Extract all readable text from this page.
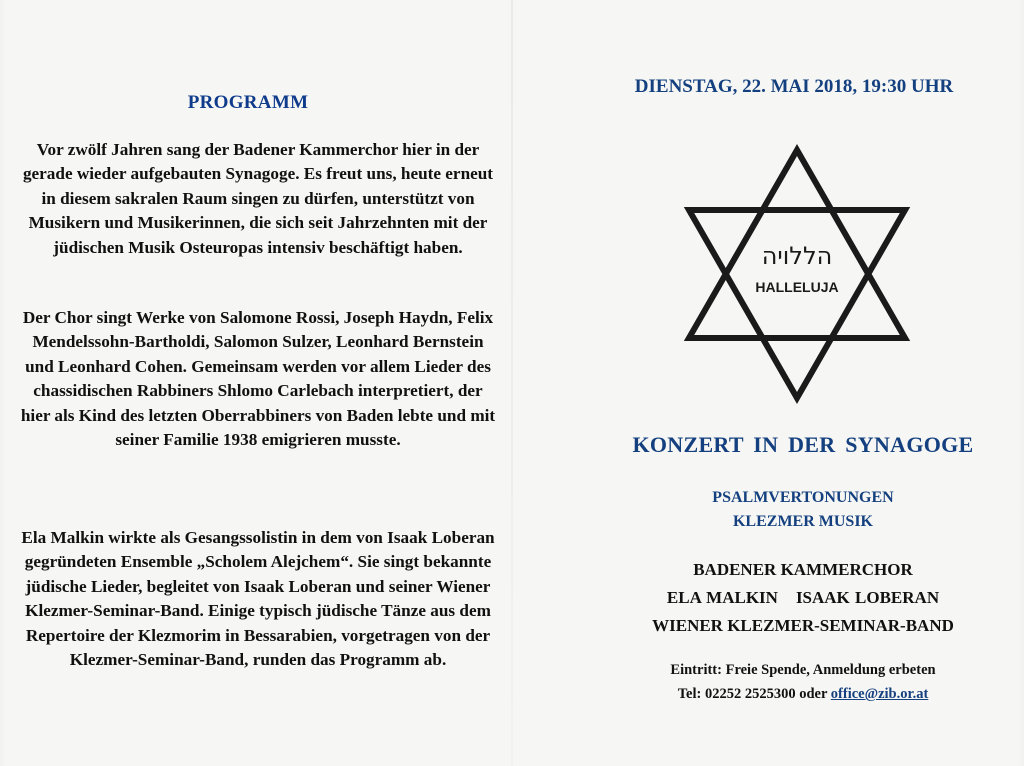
PROGRAMM
Vor zwölf Jahren sang der Badener Kammerchor hier in der gerade wieder aufgebauten Synagoge. Es freut uns, heute erneut in diesem sakralen Raum singen zu dürfen, unterstützt von Musikern und Musikerinnen, die sich seit Jahrzehnten mit der jüdischen Musik Osteuropas intensiv beschäftigt haben.
Der Chor singt Werke von Salomone Rossi, Joseph Haydn, Felix Mendelssohn-Bartholdi, Salomon Sulzer, Leonhard Bernstein und Leonhard Cohen. Gemeinsam werden vor allem Lieder des chassidischen Rabbiners Shlomo Carlebach interpretiert, der hier als Kind des letzten Oberrabbiners von Baden lebte und mit seiner Familie 1938 emigrieren musste.
Ela Malkin wirkte als Gesangssolistin in dem von Isaak Loberan gegründeten Ensemble „Scholem Alejchem“. Sie singt bekannte jüdische Lieder, begleitet von Isaak Loberan und seiner Wiener Klezmer-Seminar-Band. Einige typisch jüdische Tänze aus dem Repertoire der Klezmorim in Bessarabien, vorgetragen von der Klezmer-Seminar-Band, runden das Programm ab.
DIENSTAG, 22. MAI 2018, 19:30 UHR
הללויה
HALLELUJA
KONZERT IN DER SYNAGOGE
PSALMVERTONUNGEN
KLEZMER MUSIK
BADENER KAMMERCHOR
ELA MALKIN ISAAK LOBERAN
WIENER KLEZMER-SEMINAR-BAND
Eintritt: Freie Spende, Anmeldung erbeten
Tel: 02252 2525300 oder office@zib.or.at
